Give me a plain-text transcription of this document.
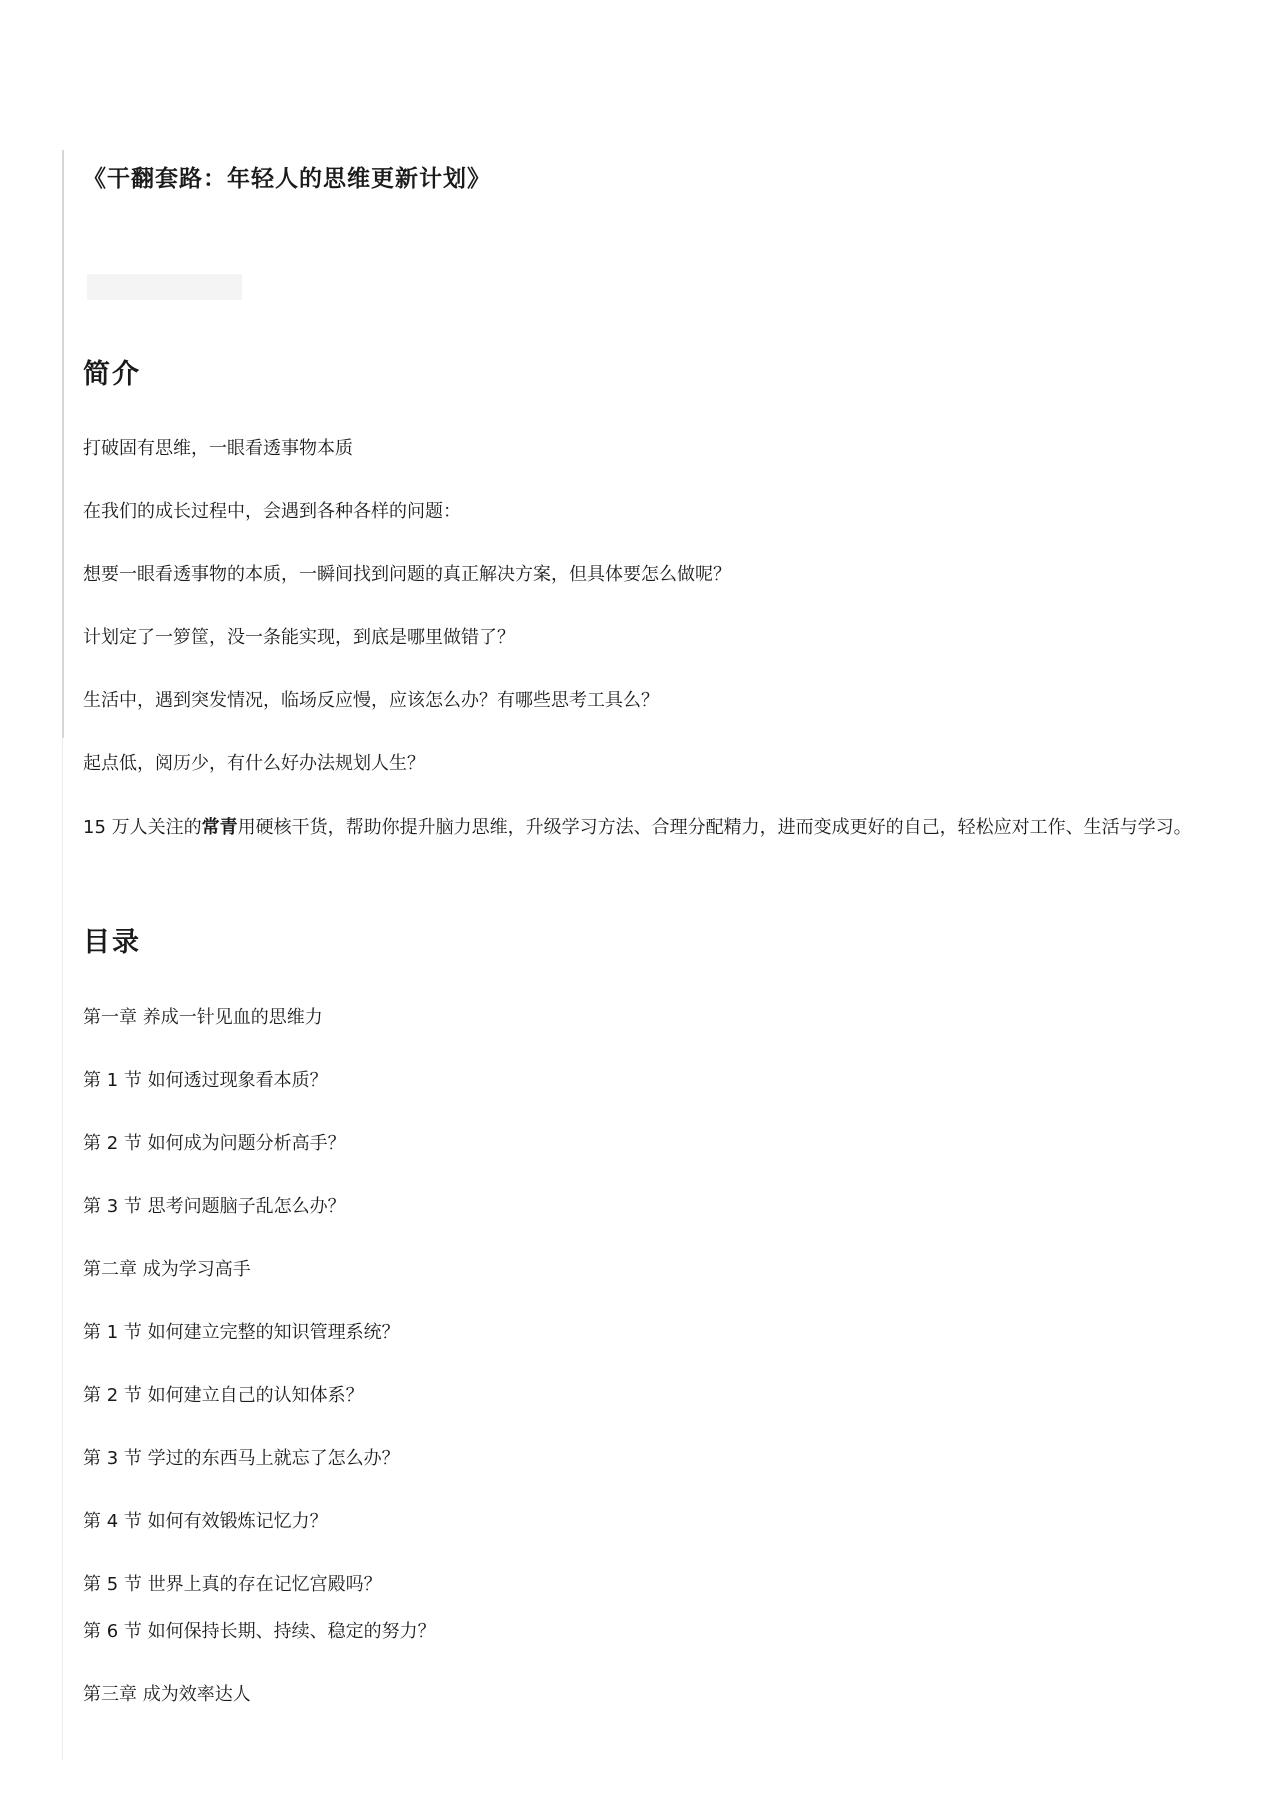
《干翻套路：年轻人的思维更新计划》
简介

打破固有思维，一眼看透事物本质

在我们的成长过程中，会遇到各种各样的问题：

想要一眼看透事物的本质，一瞬间找到问题的真正解决方案，但具体要怎么做呢？

计划定了一箩筐，没一条能实现，到底是哪里做错了？

生活中，遇到突发情况，临场反应慢，应该怎么办？有哪些思考工具么？

起点低，阅历少，有什么好办法规划人生？

15 万人关注的常青用硬核干货，帮助你提升脑力思维，升级学习方法、合理分配精力，进而变成更好的自己，轻松应对工作、生活与学习。

目录

第一章 养成一针见血的思维力

第 1 节 如何透过现象看本质？

第 2 节 如何成为问题分析高手？

第 3 节 思考问题脑子乱怎么办？

第二章 成为学习高手

第 1 节 如何建立完整的知识管理系统？

第 2 节 如何建立自己的认知体系？

第 3 节 学过的东西马上就忘了怎么办？

第 4 节 如何有效锻炼记忆力？

第 5 节 世界上真的存在记忆宫殿吗？

第 6 节 如何保持长期、持续、稳定的努力？

第三章 成为效率达人
